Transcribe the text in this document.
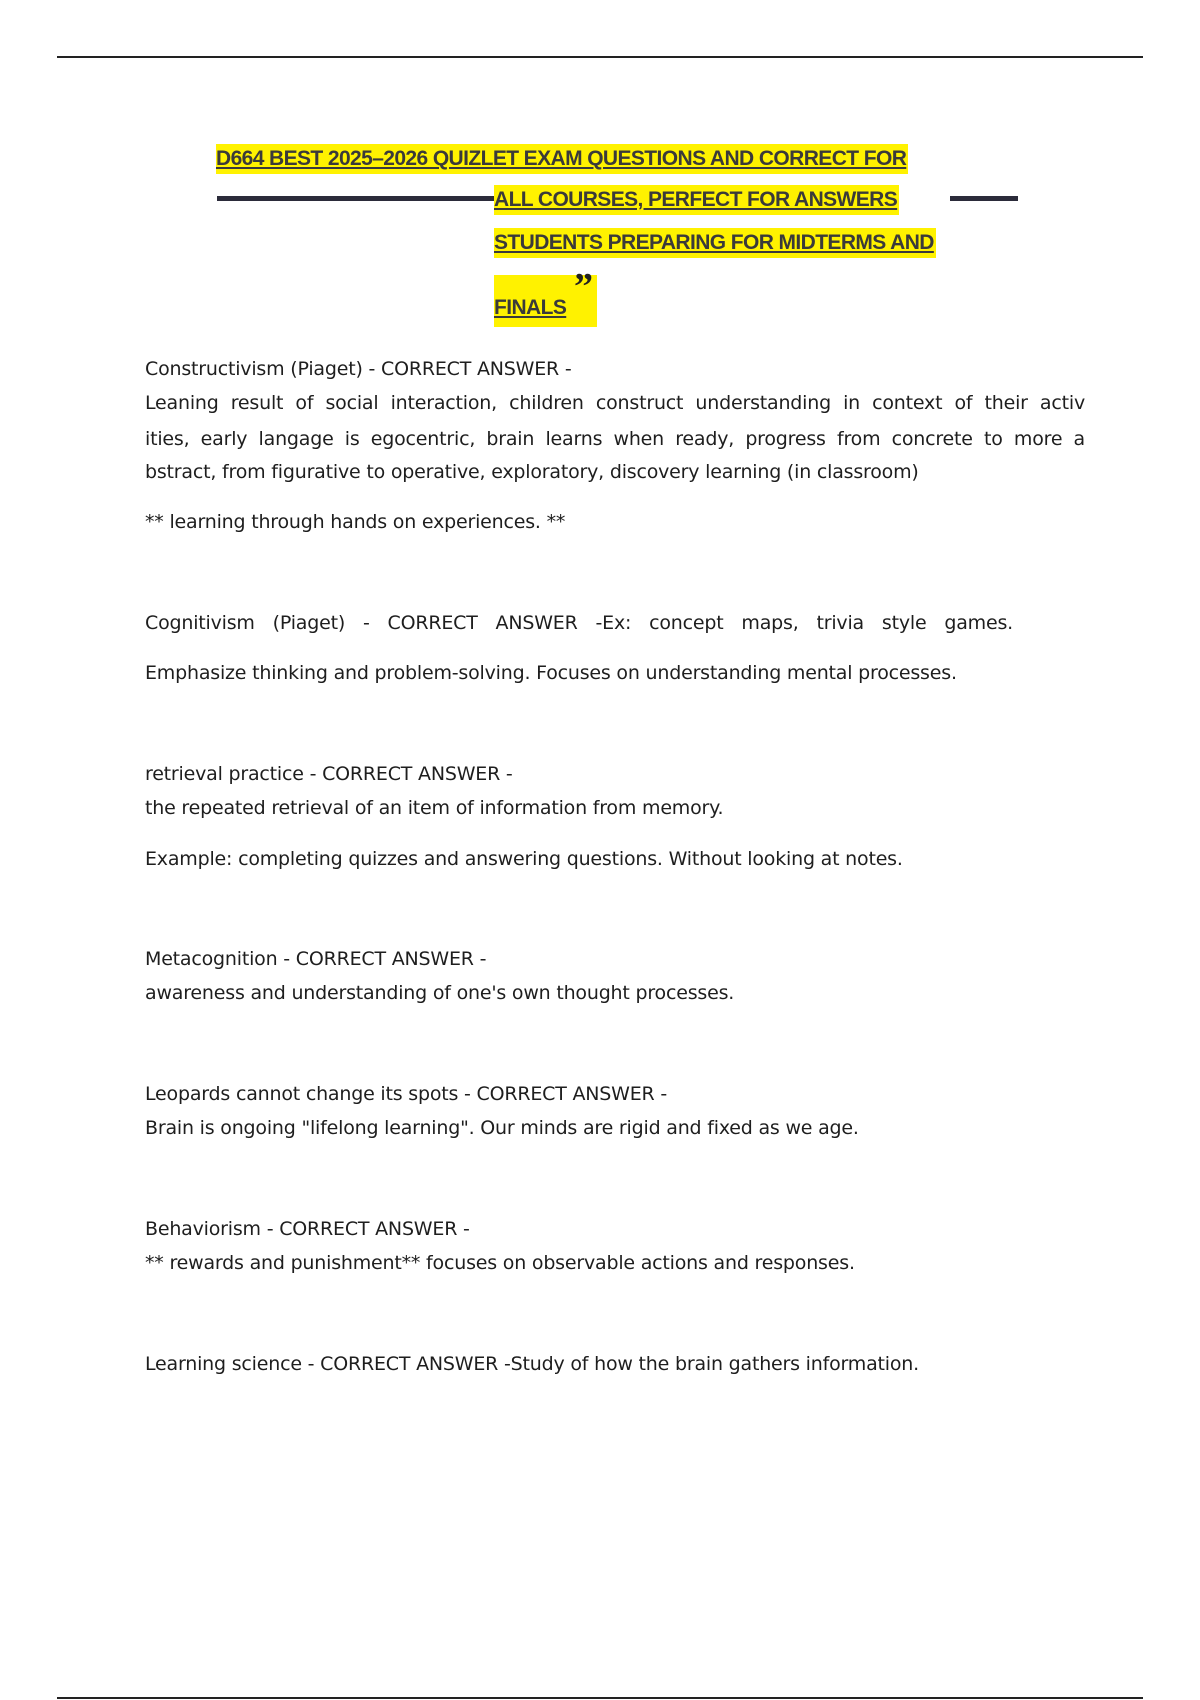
D664 BEST 2025–2026 QUIZLET EXAM QUESTIONS AND CORRECT FOR
ALL COURSES, PERFECT FOR ANSWERS
STUDENTS PREPARING FOR MIDTERMS AND
FINALS ”
Constructivism (Piaget) - CORRECT ANSWER -
Leaning result of social interaction, children construct understanding in context of their activ
ities, early langage is egocentric, brain learns when ready, progress from concrete to more a
bstract, from figurative to operative, exploratory, discovery learning (in classroom)
** learning through hands on experiences. **
Cognitivism (Piaget) - CORRECT ANSWER -Ex: concept maps, trivia style games.
Emphasize thinking and problem-solving. Focuses on understanding mental processes.
retrieval practice - CORRECT ANSWER -
the repeated retrieval of an item of information from memory.
Example: completing quizzes and answering questions. Without looking at notes.
Metacognition - CORRECT ANSWER -
awareness and understanding of one's own thought processes.
Leopards cannot change its spots - CORRECT ANSWER -
Brain is ongoing "lifelong learning". Our minds are rigid and fixed as we age.
Behaviorism - CORRECT ANSWER -
** rewards and punishment** focuses on observable actions and responses.
Learning science - CORRECT ANSWER -Study of how the brain gathers information.
